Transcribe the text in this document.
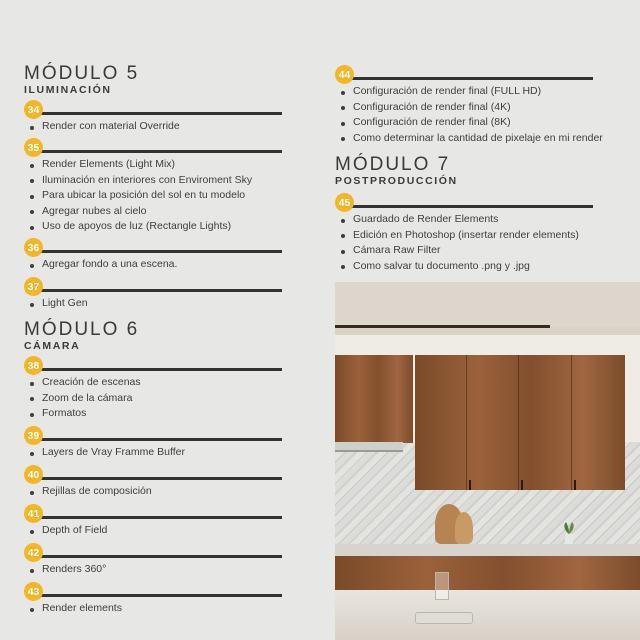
MÓDULO 5
ILUMINACIÓN
34
Render con material Override
35
Render Elements (Light Mix)
Iluminación en interiores con Enviroment Sky
Para ubicar la posición del sol en tu modelo
Agregar nubes al cielo
Uso de apoyos de luz (Rectangle Lights)
36
Agregar fondo a una escena.
37
Light Gen
MÓDULO 6
CÁMARA
38
Creación de escenas
Zoom de la cámara
Formatos
39
Layers de Vray Framme Buffer
40
Rejillas de composición
41
Depth of Field
42
Renders 360°
43
Render elements
44
Configuración de render final (FULL HD)
Configuración de render final (4K)
Configuración de render final (8K)
Como determinar la cantidad de pixelaje en mi render
MÓDULO 7
POSTPRODUCCIÓN
45
Guardado de Render Elements
Edición en Photoshop (insertar render elements)
Cámara Raw Filter
Como salvar tu documento .png y .jpg
